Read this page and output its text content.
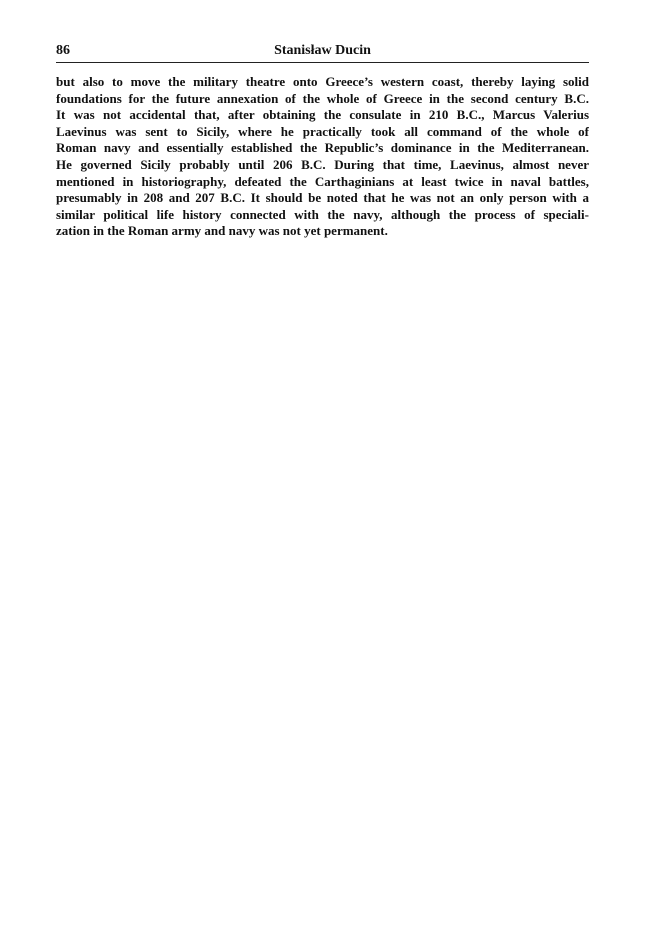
86	Stanisław Ducin
but also to move the military theatre onto Greece’s western coast, thereby laying solid
foundations for the future annexation of the whole of Greece in the second century B.C.
It was not accidental that, after obtaining the consulate in 210 B.C., Marcus Valerius
Laevinus was sent to Sicily, where he practically took all command of the whole of
Roman navy and essentially established the Republic’s dominance in the Mediterranean.
He governed Sicily probably until 206 B.C. During that time, Laevinus, almost never
mentioned in historiography, defeated the Carthaginians at least twice in naval battles,
presumably in 208 and 207 B.C. It should be noted that he was not an only person with a
similar political life history connected with the navy, although the process of speciali-
zation in the Roman army and navy was not yet permanent.
